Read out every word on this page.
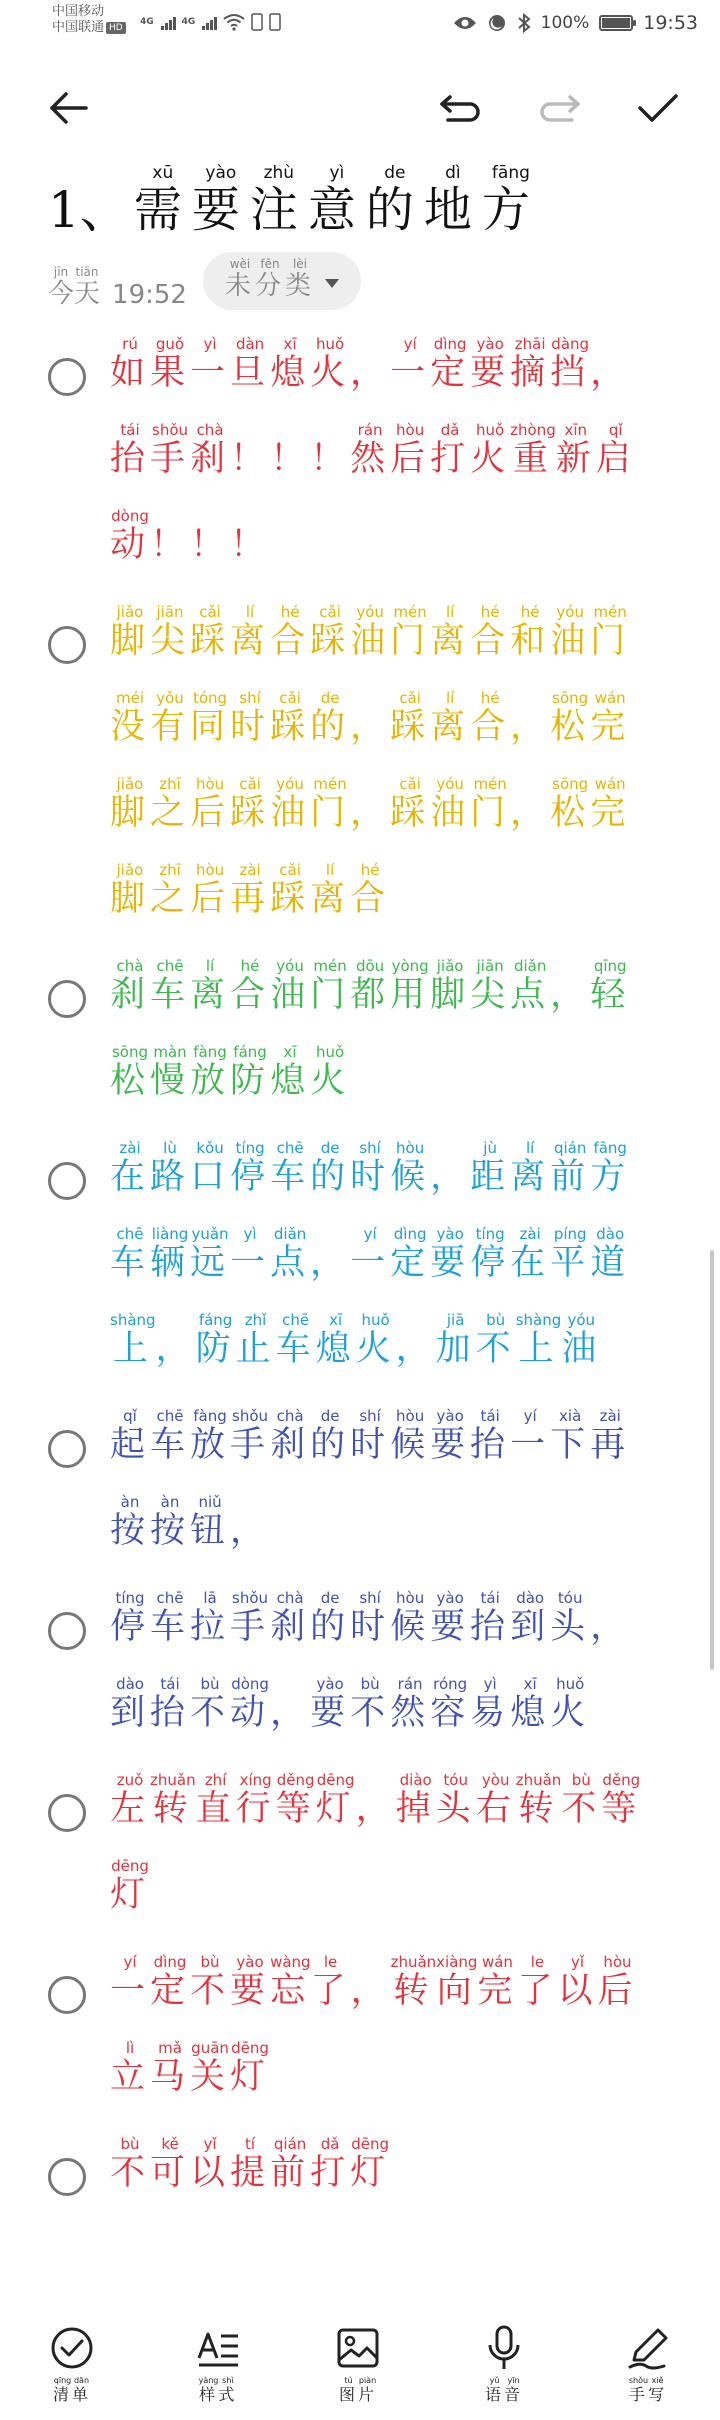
中国移动
中国联通 HD
4G	4G	100%	19:53
1、 需xū要yào注zhù意yì的de地dì方fāng
今jīn天tiān
19:52 未wèi分fēn类lèi
如rú果guǒ一yì旦dàn熄xī火huǒ，一yí定dìng要yào摘zhāi挡dàng，抬tái手shǒu刹chà！！！然rán后hòu打dǎ火huǒ重zhòng新xīn启qǐ动dòng！！！
脚jiǎo尖jiān踩cǎi离lí合hé踩cǎi油yóu门mén离lí合hé和hé油yóu门mén没méi有yǒu同tóng时shí踩cǎi的de，踩cǎi离lí合hé，松sōng完wán脚jiǎo之zhī后hòu踩cǎi油yóu门mén，踩cǎi油yóu门mén，松sōng完wán脚jiǎo之zhī后hòu再zài踩cǎi离lí合hé
刹chà车chē离lí合hé油yóu门mén都dōu用yòng脚jiǎo尖jiān点diǎn，轻qīng松sōng慢màn放fàng防fáng熄xī火huǒ
在zài路lù口kǒu停tíng车chē的de时shí候hòu，距jù离lí前qián方fāng车chē辆liàng远yuǎn一yì点diǎn，一yí定dìng要yào停tíng在zài平píng道dào上shàng，防fáng止zhǐ车chē熄xī火huǒ，加jiā不bù上shàng油yóu
起qǐ车chē放fàng手shǒu刹chà的de时shí候hòu要yào抬tái一yí下xià再zài按àn按àn钮niǔ，
停tíng车chē拉lā手shǒu刹chà的de时shí候hòu要yào抬tái到dào头tóu，到dào抬tái不bù动dòng，要yào不bù然rán容róng易yì熄xī火huǒ
左zuǒ转zhuǎn直zhí行xíng等děng灯dēng，掉diào头tóu右yòu转zhuǎn不bù等děng灯dēng
一yí定dìng不bù要yào忘wàng了le，转zhuǎn向xiàng完wán了le以yǐ后hòu立lì马mǎ关guān灯dēng
不bù可kě以yǐ提tí前qián打dǎ灯dēng
清qīng单dān
样yàng式shì
图tú片piàn
语yǔ音yīn
手shǒu写xiě
